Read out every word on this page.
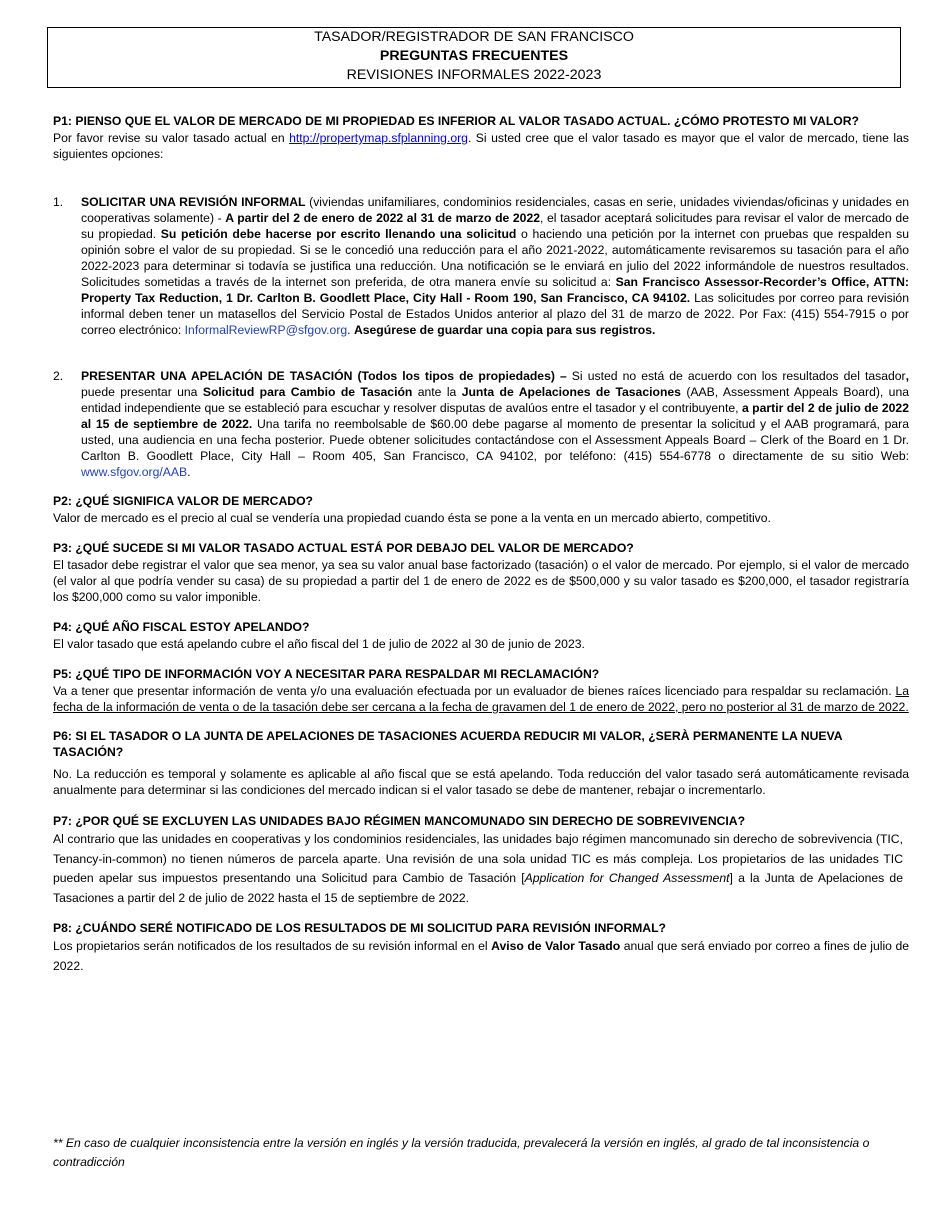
TASADOR/REGISTRADOR DE SAN FRANCISCO
PREGUNTAS FRECUENTES
REVISIONES INFORMALES 2022-2023

P1: PIENSO QUE EL VALOR DE MERCADO DE MI PROPIEDAD ES INFERIOR AL VALOR TASADO ACTUAL. ¿CÓMO PROTESTO MI VALOR?

Por favor revise su valor tasado actual en http://propertymap.sfplanning.org. Si usted cree que el valor tasado es mayor que el valor de mercado, tiene las siguientes opciones:

1.	SOLICITAR UNA REVISIÓN INFORMAL (viviendas unifamiliares, condominios residenciales, casas en serie, unidades viviendas/oficinas y unidades en cooperativas solamente) - A partir del 2 de enero de 2022 al 31 de marzo de 2022, el tasador aceptará solicitudes para revisar el valor de mercado de su propiedad. Su petición debe hacerse por escrito llenando una solicitud o haciendo una petición por la internet con pruebas que respalden su opinión sobre el valor de su propiedad. Si se le concedió una reducción para el año 2021-2022, automáticamente revisaremos su tasación para el año 2022-2023 para determinar si todavía se justifica una reducción. Una notificación se le enviará en julio del 2022 informándole de nuestros resultados. Solicitudes sometidas a través de la internet son preferida, de otra manera envíe su solicitud a: San Francisco Assessor-Recorder’s Office, ATTN: Property Tax Reduction, 1 Dr. Carlton B. Goodlett Place, City Hall - Room 190, San Francisco, CA 94102. Las solicitudes por correo para revisión informal deben tener un matasellos del Servicio Postal de Estados Unidos anterior al plazo del 31 de marzo de 2022. Por Fax: (415) 554-7915 o por correo electrónico: InformalReviewRP@sfgov.org. Asegúrese de guardar una copia para sus registros.
2.	PRESENTAR UNA APELACIÓN DE TASACIÓN (Todos los tipos de propiedades) – Si usted no está de acuerdo con los resultados del tasador, puede presentar una Solicitud para Cambio de Tasación ante la Junta de Apelaciones de Tasaciones (AAB, Assessment Appeals Board), una entidad independiente que se estableció para escuchar y resolver disputas de avalúos entre el tasador y el contribuyente, a partir del 2 de julio de 2022 al 15 de septiembre de 2022. Una tarifa no reembolsable de $60.00 debe pagarse al momento de presentar la solicitud y el AAB programará, para usted, una audiencia en una fecha posterior. Puede obtener solicitudes contactándose con el Assessment Appeals Board – Clerk of the Board en 1 Dr. Carlton B. Goodlett Place, City Hall – Room 405, San Francisco, CA 94102, por teléfono: (415) 554-6778 o directamente de su sitio Web: www.sfgov.org/AAB.

P2: ¿QUÉ SIGNIFICA VALOR DE MERCADO?

Valor de mercado es el precio al cual se vendería una propiedad cuando ésta se pone a la venta en un mercado abierto, competitivo.

P3: ¿QUÉ SUCEDE SI MI VALOR TASADO ACTUAL ESTÁ POR DEBAJO DEL VALOR DE MERCADO?

El tasador debe registrar el valor que sea menor, ya sea su valor anual base factorizado (tasación) o el valor de mercado. Por ejemplo, si el valor de mercado (el valor al que podría vender su casa) de su propiedad a partir del 1 de enero de 2022 es de $500,000 y su valor tasado es $200,000, el tasador registraría los $200,000 como su valor imponible.

P4: ¿QUÉ AÑO FISCAL ESTOY APELANDO?

El valor tasado que está apelando cubre el año fiscal del 1 de julio de 2022 al 30 de junio de 2023.

P5: ¿QUÉ TIPO DE INFORMACIÓN VOY A NECESITAR PARA RESPALDAR MI RECLAMACIÓN?

Va a tener que presentar información de venta y/o una evaluación efectuada por un evaluador de bienes raíces licenciado para respaldar su reclamación. La fecha de la información de venta o de la tasación debe ser cercana a la fecha de gravamen del 1 de enero de 2022, pero no posterior al 31 de marzo de 2022.

P6: SI EL TASADOR O LA JUNTA DE APELACIONES DE TASACIONES ACUERDA REDUCIR MI VALOR, ¿SERÀ PERMANENTE LA NUEVA TASACIÓN?

No. La reducción es temporal y solamente es aplicable al año fiscal que se está apelando. Toda reducción del valor tasado será automáticamente revisada anualmente para determinar si las condiciones del mercado indican si el valor tasado se debe de mantener, rebajar o incrementarlo.

P7: ¿POR QUÉ SE EXCLUYEN LAS UNIDADES BAJO RÉGIMEN MANCOMUNADO SIN DERECHO DE SOBREVIVENCIA?

Al contrario que las unidades en cooperativas y los condominios residenciales, las unidades bajo régimen mancomunado sin derecho de sobrevivencia (TIC, Tenancy-in-common) no tienen números de parcela aparte. Una revisión de una sola unidad TIC es más compleja. Los propietarios de las unidades TIC pueden apelar sus impuestos presentando una Solicitud para Cambio de Tasación [Application for Changed Assessment] a la Junta de Apelaciones de Tasaciones a partir del 2 de julio de 2022 hasta el 15 de septiembre de 2022.

P8: ¿CUÁNDO SERÉ NOTIFICADO DE LOS RESULTADOS DE MI SOLICITUD PARA REVISIÓN INFORMAL?

Los propietarios serán notificados de los resultados de su revisión informal en el Aviso de Valor Tasado anual que será enviado por correo a fines de julio de 2022.

** En caso de cualquier inconsistencia entre la versión en inglés y la versión traducida, prevalecerá la versión en inglés, al grado de tal inconsistencia o contradicción
